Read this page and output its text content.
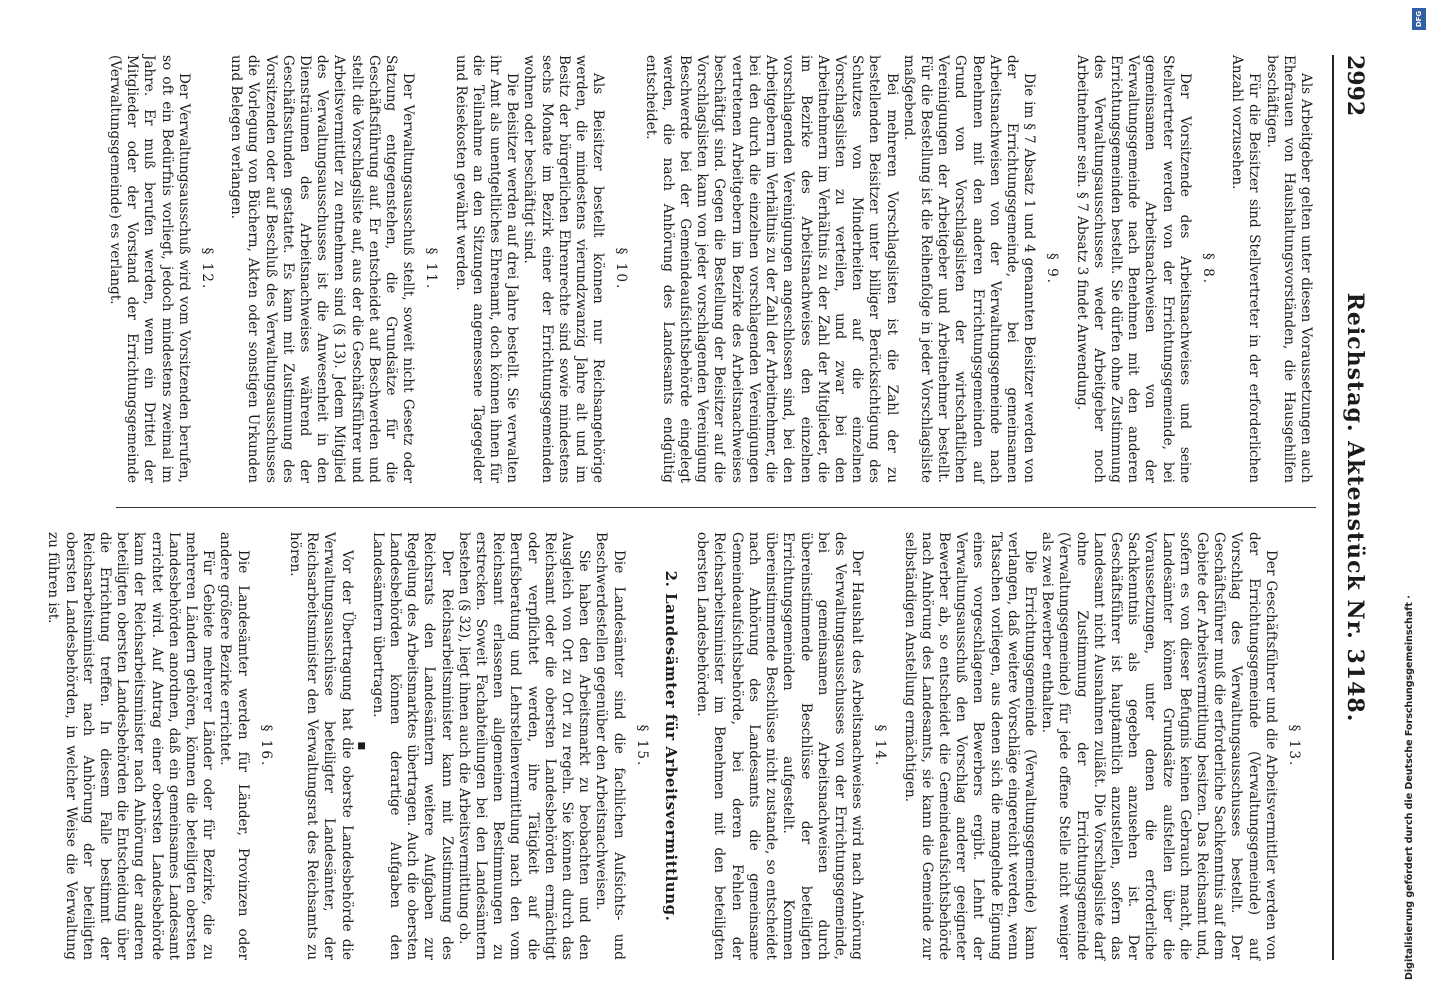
2992
Reichstag. Aktenstück Nr. 3148.

Als Arbeitgeber gelten unter diesen Voraussetzungen auch Ehefrauen von Haushaltungsvorständen, die Hausgehilfen beschäftigen.

Für die Beisitzer sind Stellvertreter in der erforderlichen Anzahl vorzusehen.

§ 8.

Der Vorsitzende des Arbeitsnachweises und seine Stellvertreter werden von der Errichtungsgemeinde, bei gemeinsamen Arbeitsnachweisen von der Verwaltungsgemeinde nach Benehmen mit den anderen Errichtungsgemeinden bestellt. Sie dürfen ohne Zustimmung des Verwaltungsausschusses weder Arbeitgeber noch Arbeitnehmer sein. § 7 Absatz 3 findet Anwendung.

§ 9.

Die im § 7 Absatz 1 und 4 genannten Beisitzer werden von der Errichtungsgemeinde, bei gemeinsamen Arbeitsnachweisen von der Verwaltungsgemeinde nach Benehmen mit den anderen Errichtungsgemeinden auf Grund von Vorschlagslisten der wirtschaftlichen Vereinigungen der Arbeitgeber und Arbeitnehmer bestellt. Für die Bestellung ist die Reihenfolge in jeder Vorschlagsliste maßgebend.

Bei mehreren Vorschlagslisten ist die Zahl der zu bestellenden Beisitzer unter billiger Berücksichtigung des Schutzes von Minderheiten auf die einzelnen Vorschlagslisten zu verteilen, und zwar bei den Arbeitnehmern im Verhältnis zu der Zahl der Mitglieder, die im Bezirke des Arbeitsnachweises den einzelnen vorschlagenden Vereinigungen angeschlossen sind, bei den Arbeitgebern im Verhältnis zu der Zahl der Arbeitnehmer, die bei den durch die einzelnen vorschlagenden Vereinigungen vertretenen Arbeitgebern im Bezirke des Arbeitsnachweises beschäftigt sind. Gegen die Bestellung der Beisitzer auf die Vorschlagslisten kann von jeder vorschlagenden Vereinigung Beschwerde bei der Gemeindeaufsichtsbehörde eingelegt werden, die nach Anhörung des Landesamts endgültig entscheidet.

§ 10.

Als Beisitzer bestellt können nur Reichsangehörige werden, die mindestens vierundzwanzig Jahre alt und im Besitz der bürgerlichen Ehrenrechte sind sowie mindestens sechs Monate im Bezirk einer der Errichtungsgemeinden wohnen oder beschäftigt sind.

Die Beisitzer werden auf drei Jahre bestellt. Sie verwalten ihr Amt als unentgeltliches Ehrenamt, doch können ihnen für die Teilnahme an den Sitzungen angemessene Tagegelder und Reisekosten gewährt werden.

§ 11.

Der Verwaltungsausschuß stellt, soweit nicht Gesetz oder Satzung entgegenstehen, die Grundsätze für die Geschäftsführung auf. Er entscheidet auf Beschwerden und stellt die Vorschlagsliste auf, aus der die Geschäftsführer und Arbeitsvermittler zu entnehmen sind (§ 13). Jedem Mitglied des Verwaltungsausschusses ist die Anwesenheit in den Diensträumen des Arbeitsnachweises während der Geschäftsstunden gestattet. Es kann mit Zustimmung des Vorsitzenden oder auf Beschluß des Verwaltungsausschusses die Vorlegung von Büchern, Akten oder sonstigen Urkunden und Belegen verlangen.

§ 12.

Der Verwaltungsausschuß wird vom Vorsitzenden berufen, so oft ein Bedürfnis vorliegt, jedoch mindestens zweimal im Jahre. Er muß berufen werden, wenn ein Drittel der Mitglieder oder der Vorstand der Errichtungsgemeinde (Verwaltungsgemeinde) es verlangt.

§ 13.

Der Geschäftsführer und die Arbeitsvermittler werden von der Errichtungsgemeinde (Verwaltungsgemeinde) auf Vorschlag des Verwaltungsausschusses bestellt. Der Geschäftsführer muß die erforderliche Sachkenntnis auf dem Gebiete der Arbeitsvermittlung besitzen. Das Reichsamt und, sofern es von dieser Befugnis keinen Gebrauch macht, die Landesämter können Grundsätze aufstellen über die Voraussetzungen, unter denen die erforderliche Sachkenntnis als gegeben anzusehen ist. Der Geschäftsführer ist hauptamtlich anzustellen, sofern das Landesamt nicht Ausnahmen zuläßt. Die Vorschlagsliste darf ohne Zustimmung der Errichtungsgemeinde (Verwaltungsgemeinde) für jede offene Stelle nicht weniger als zwei Bewerber enthalten.

Die Errichtungsgemeinde (Verwaltungsgemeinde) kann verlangen, daß weitere Vorschläge eingereicht werden, wenn Tatsachen vorliegen, aus denen sich die mangelnde Eignung eines vorgeschlagenen Bewerbers ergibt. Lehnt der Verwaltungsausschuß den Vorschlag anderer geeigneter Bewerber ab, so entscheidet die Gemeindeaufsichtsbehörde nach Anhörung des Landesamts, sie kann die Gemeinde zur selbständigen Anstellung ermächtigen.

§ 14.

Der Haushalt des Arbeitsnachweises wird nach Anhörung des Verwaltungsausschusses von der Errichtungsgemeinde, bei gemeinsamen Arbeitsnachweisen durch übereinstimmende Beschlüsse der beteiligten Errichtungsgemeinden aufgestellt. Kommen übereinstimmende Beschlüsse nicht zustande, so entscheidet nach Anhörung des Landesamts die gemeinsame Gemeindeaufsichtsbehörde, bei deren Fehlen der Reichsarbeitsminister im Benehmen mit den beteiligten obersten Landesbehörden.

2. Landesämter für Arbeitsvermittlung.
§ 15.

Die Landesämter sind die fachlichen Aufsichts- und Beschwerdestellen gegenüber den Arbeitsnachweisen.

Sie haben den Arbeitsmarkt zu beobachten und den Ausgleich von Ort zu Ort zu regeln. Sie können durch das Reichsamt oder die obersten Landesbehörden ermächtigt oder verpflichtet werden, ihre Tätigkeit auf die Berufsberatung und Lehrstellenvermittlung nach den vom Reichsamt erlassenen allgemeinen Bestimmungen zu erstrecken. Soweit Fachabteilungen bei den Landesämtern bestehen (§ 32), liegt ihnen auch die Arbeitsvermittlung ob.

Der Reichsarbeitsminister kann mit Zustimmung des Reichsrats den Landesämtern weitere Aufgaben zur Regelung des Arbeitsmarktes übertragen. Auch die obersten Landesbehörden können derartige Aufgaben den Landesämtern übertragen.

▪

Vor der Übertragung hat die oberste Landesbehörde die Verwaltungsausschüsse beteiligter Landesämter, der Reichsarbeitsminister den Verwaltungsrat des Reichsamts zu hören.

§ 16.

Die Landesämter werden für Länder, Provinzen oder andere größere Bezirke errichtet.

Für Gebiete mehrerer Länder oder für Bezirke, die zu mehreren Ländern gehören, können die beteiligten obersten Landesbehörden anordnen, daß ein gemeinsames Landesamt errichtet wird. Auf Antrag einer obersten Landesbehörde kann der Reichsarbeitsminister nach Anhörung der anderen beteiligten obersten Landesbehörden die Entscheidung über die Errichtung treffen. In diesem Falle bestimmt der Reichsarbeitsminister nach Anhörung der beteiligten obersten Landesbehörden, in welcher Weise die Verwaltung zu führen ist.

Digitalisierung gefördert durch die Deutsche Forschungsgemeinschaft ·
DFG
